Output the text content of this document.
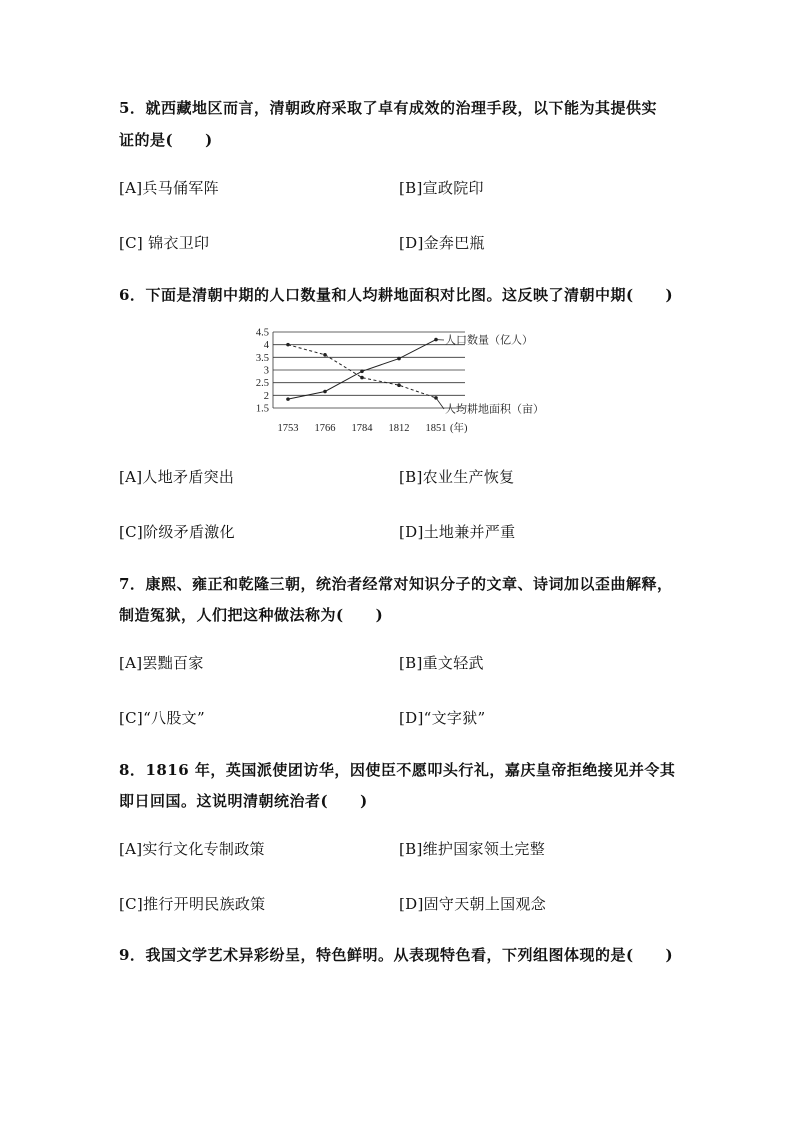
5．就西藏地区而言，清朝政府采取了卓有成效的治理手段，以下能为其提供实
证的是( )
[A]兵马俑军阵	[B]宣政院印
[C] 锦衣卫印	[D]金奔巴瓶
6．下面是清朝中期的人口数量和人均耕地面积对比图。这反映了清朝中期( )
4.5
4
3.5
3
2.5
2
1.5
1753 1766 1784 1812 1851 (年)
人口数量（亿人）
人均耕地面积（亩）
[A]人地矛盾突出	[B]农业生产恢复
[C]阶级矛盾激化	[D]土地兼并严重
7．康熙、雍正和乾隆三朝，统治者经常对知识分子的文章、诗词加以歪曲解释，
制造冤狱，人们把这种做法称为( )
[A]罢黜百家	[B]重文轻武
[C]“八股文”	[D]“文字狱”
8．1816 年，英国派使团访华，因使臣不愿叩头行礼，嘉庆皇帝拒绝接见并令其
即日回国。这说明清朝统治者( )
[A]实行文化专制政策	[B]维护国家领土完整
[C]推行开明民族政策	[D]固守天朝上国观念
9．我国文学艺术异彩纷呈，特色鲜明。从表现特色看，下列组图体现的是( )
